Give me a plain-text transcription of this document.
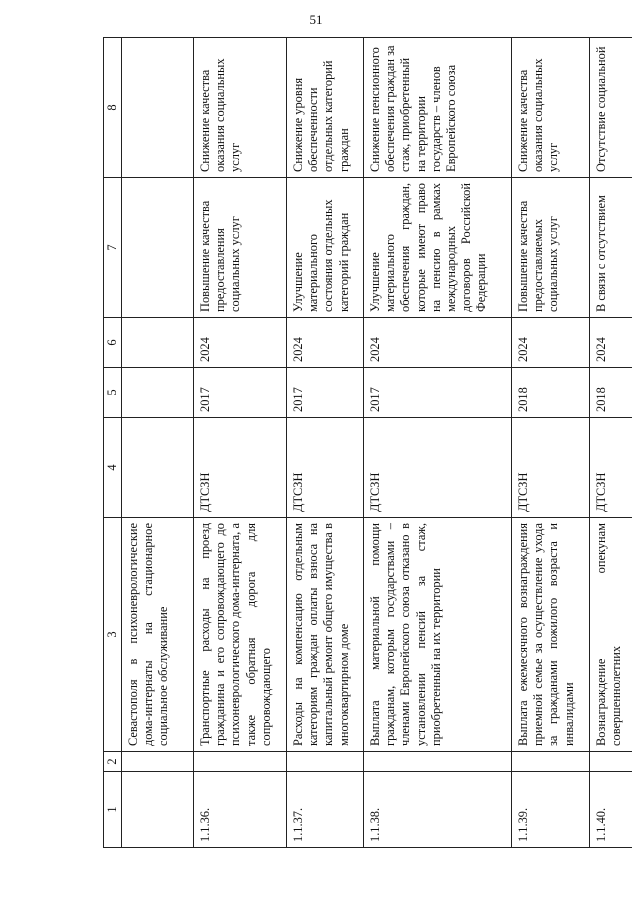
51
1	2	3	4	5	6	7	8
		Севастополя в психоневрологические дома-интернаты на стационарное социальное обслуживание					
1.1.36.		Транспортные расходы на проезд гражданина и его сопровождающего до психоневрологического дома-интерната, а также обратная дорога для сопровождающего	ДТСЗН	2017	2024	Повышение качества предоставления социальных услуг	Снижение качества оказания социальных услуг
1.1.37.		Расходы на компенсацию отдельным категориям граждан оплаты взноса на капитальный ремонт общего имущества в многоквартирном доме	ДТСЗН	2017	2024	Улучшение материального состояния отдельных категорий граждан	Снижение уровня обеспеченности отдельных категорий граждан
1.1.38.		Выплата материальной помощи гражданам, которым государствами – членами Европейского союза отказано в установлении пенсий за стаж, приобретенный на их территории	ДТСЗН	2017	2024	Улучшение материального обеспечения граждан, которые имеют право на пенсию в рамках международных договоров Российской Федерации	Снижение пенсионного обеспечения граждан за стаж, приобретенный на территории государств – членов Европейского союза
1.1.39.		Выплата ежемесячного вознаграждения приемной семье за осуществление ухода за гражданами пожилого возраста и инвалидами	ДТСЗН	2018	2024	Повышение качества предоставляемых социальных услуг	Снижение качества оказания социальных услуг
1.1.40.		Вознаграждение опекунам совершеннолетних	ДТСЗН	2018	2024	В связи с отсутствием	Отсутствие социальной
